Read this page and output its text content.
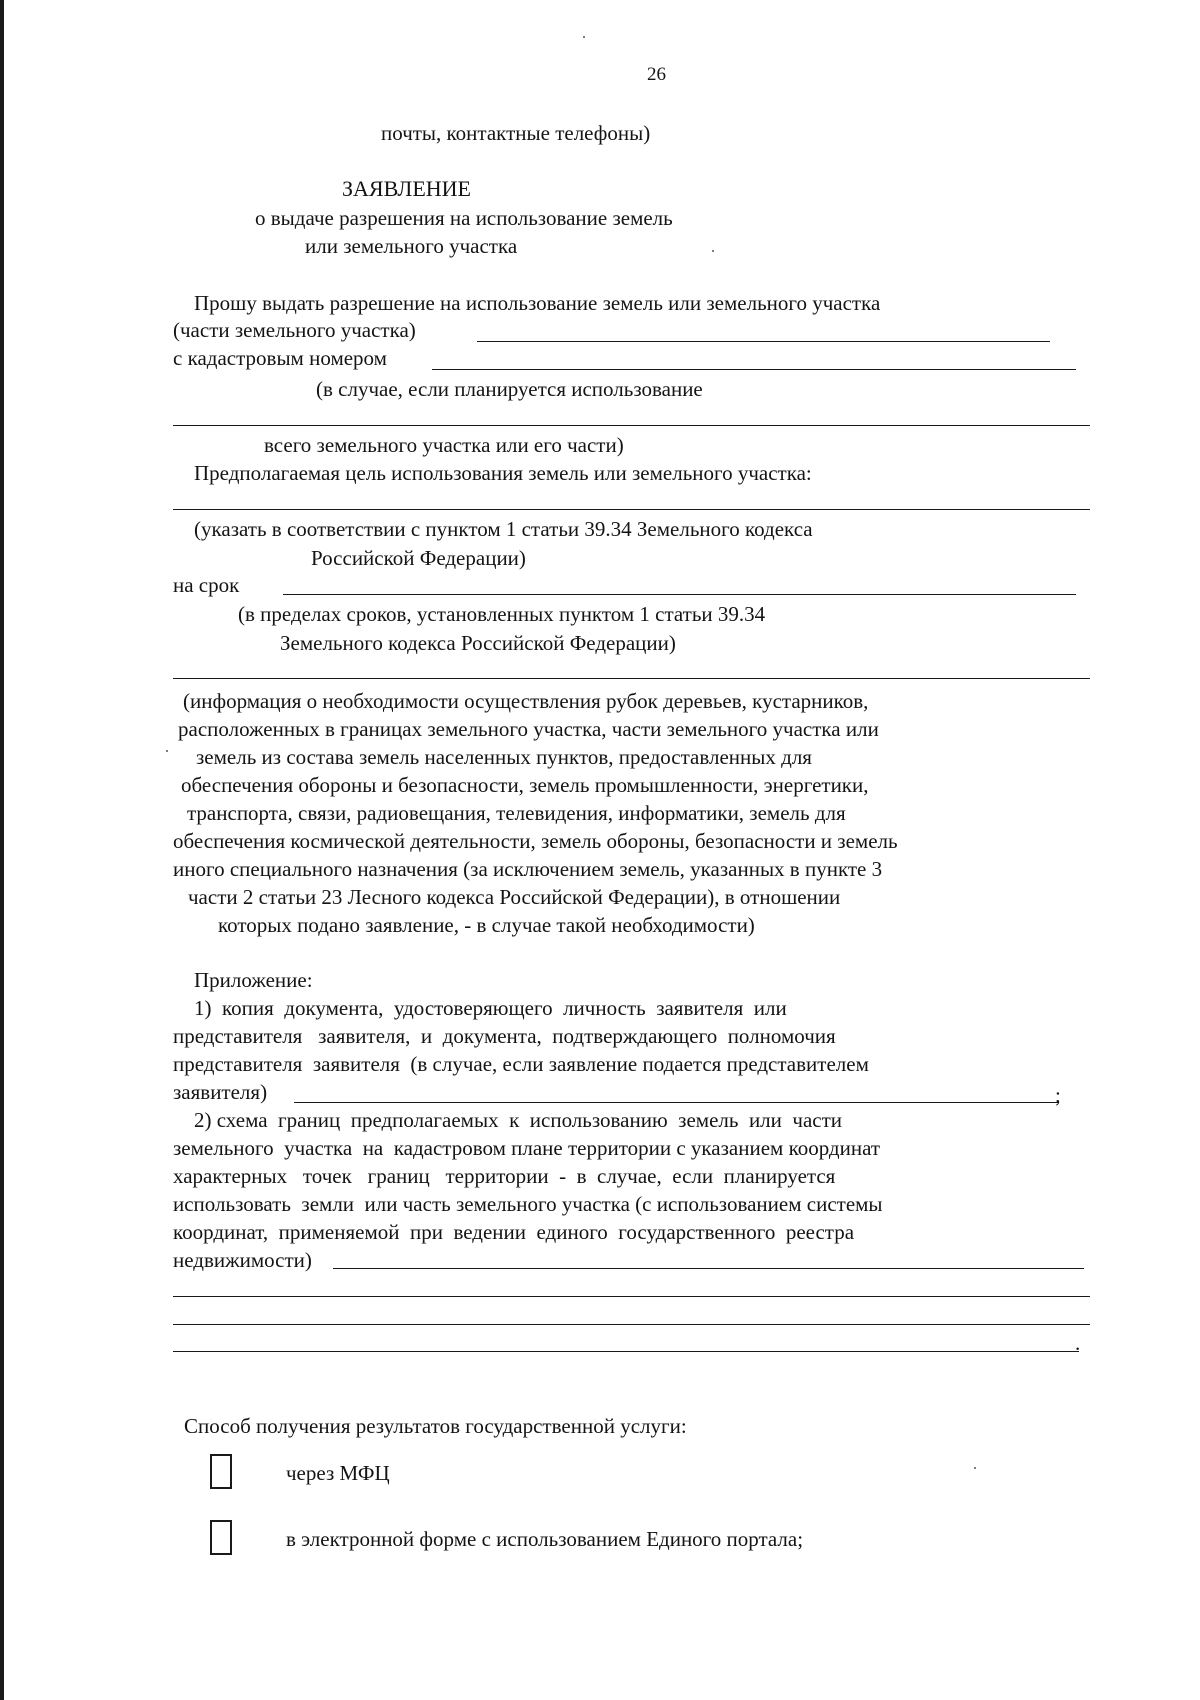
26
почты, контактные телефоны)
ЗАЯВЛЕНИЕ
о выдаче разрешения на использование земель
или земельного участка
Прошу выдать разрешение на использование земель или земельного участка
(части земельного участка)
с кадастровым номером
(в случае, если планируется использование
всего земельного участка или его части)
Предполагаемая цель использования земель или земельного участка:
(указать в соответствии с пунктом 1 статьи 39.34 Земельного кодекса
Российской Федерации)
на срок
(в пределах сроков, установленных пунктом 1 статьи 39.34
Земельного кодекса Российской Федерации)
(информация о необходимости осуществления рубок деревьев, кустарников,
расположенных в границах земельного участка, части земельного участка или
земель из состава земель населенных пунктов, предоставленных для
обеспечения обороны и безопасности, земель промышленности, энергетики,
транспорта, связи, радиовещания, телевидения, информатики, земель для
обеспечения космической деятельности, земель обороны, безопасности и земель
иного специального назначения (за исключением земель, указанных в пункте 3
части 2 статьи 23 Лесного кодекса Российской Федерации), в отношении
которых подано заявление, - в случае такой необходимости)
Приложение:
1)  копия  документа,  удостоверяющего  личность  заявителя  или
представителя   заявителя,  и  документа,  подтверждающего  полномочия
представителя  заявителя  (в случае, если заявление подается представителем
заявителя)	;
2) схема  границ  предполагаемых  к  использованию  земель  или  части
земельного  участка  на  кадастровом плане территории с указанием координат
характерных   точек   границ   территории  -  в  случае,  если  планируется
использовать  земли  или часть земельного участка (с использованием системы
координат,  применяемой  при  ведении  единого  государственного  реестра
недвижимости)
.
Способ получения результатов государственной услуги:
через МФЦ
в электронной форме с использованием Единого портала;
